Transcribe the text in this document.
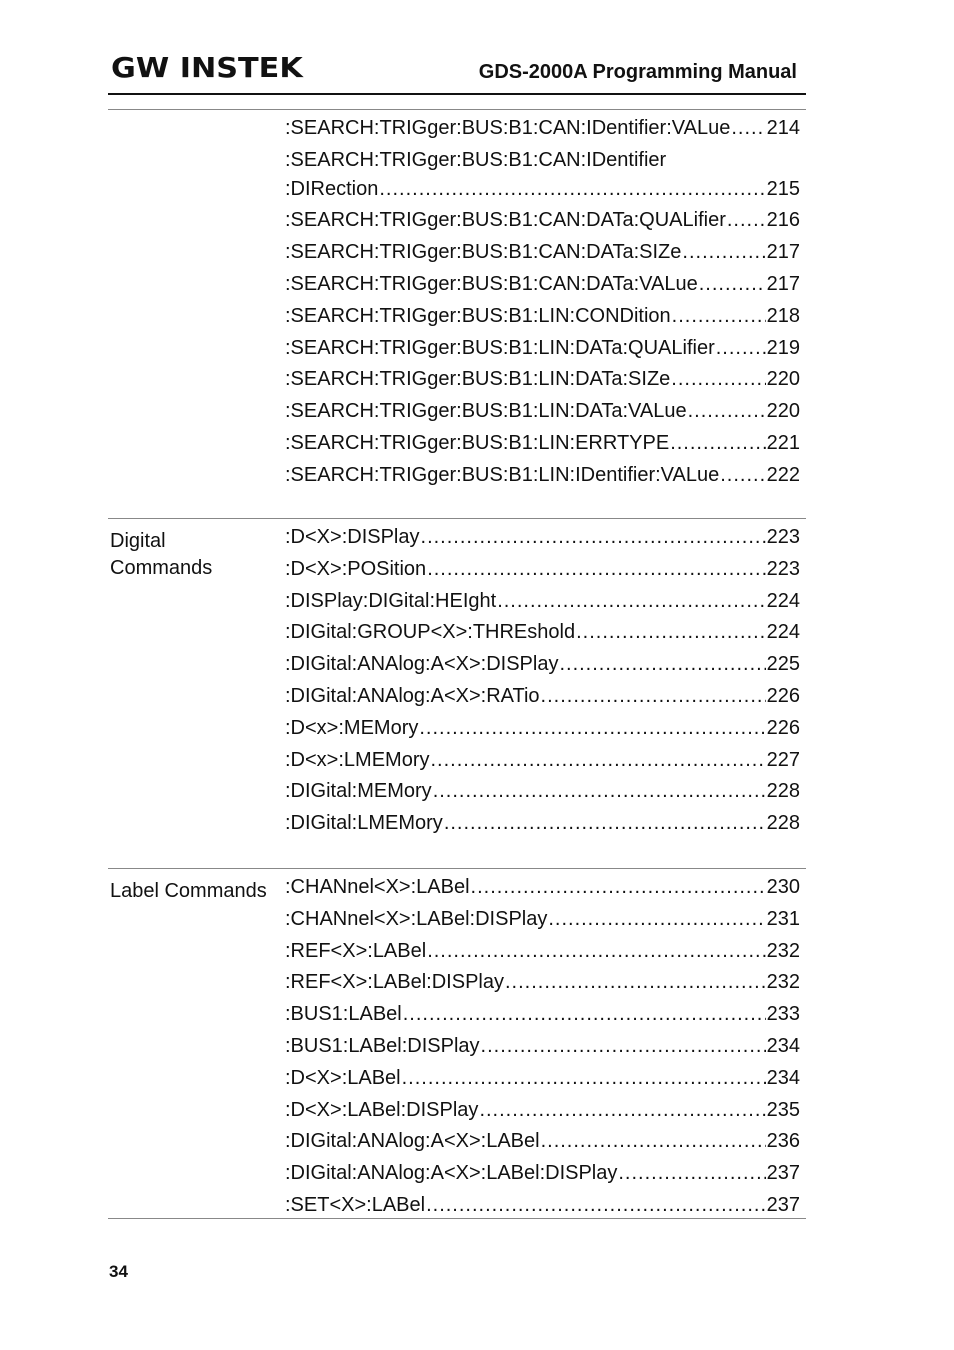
GW INSTEK	GDS-2000A Programming Manual
:SEARCH:TRIGger:BUS:B1:CAN:IDentifier:VALue ..... 214
:SEARCH:TRIGger:BUS:B1:CAN:IDentifier
:DIRection .....	215
:SEARCH:TRIGger:BUS:B1:CAN:DATa:QUALifier ..... 216
:SEARCH:TRIGger:BUS:B1:CAN:DATa:SIZe .....	217
:SEARCH:TRIGger:BUS:B1:CAN:DATa:VALue .....	217
:SEARCH:TRIGger:BUS:B1:LIN:CONDition .....	218
:SEARCH:TRIGger:BUS:B1:LIN:DATa:QUALifier .....	219
:SEARCH:TRIGger:BUS:B1:LIN:DATa:SIZe .....	220
:SEARCH:TRIGger:BUS:B1:LIN:DATa:VALue .....	220
:SEARCH:TRIGger:BUS:B1:LIN:ERRTYPE .....	221
:SEARCH:TRIGger:BUS:B1:LIN:IDentifier:VALue ..... 222
Digital
Commands
:D<X>:DISPlay .....	223
:D<X>:POSition .....	223
:DISPlay:DIGital:HEIght .....	224
:DIGital:GROUP<X>:THREshold .....	224
:DIGital:ANAlog:A<X>:DISPlay .....	225
:DIGital:ANAlog:A<X>:RATio .....	226
:D<x>:MEMory .....	226
:D<x>:LMEMory .....	227
:DIGital:MEMory .....	228
:DIGital:LMEMory .....	228
Label Commands :CHANnel<X>:LABel .....	230
:CHANnel<X>:LABel:DISPlay .....	231
:REF<X>:LABel .....	232
:REF<X>:LABel:DISPlay .....	232
:BUS1:LABel .....	233
:BUS1:LABel:DISPlay .....	234
:D<X>:LABel .....	234
:D<X>:LABel:DISPlay .....	235
:DIGital:ANAlog:A<X>:LABel .....	236
:DIGital:ANAlog:A<X>:LABel:DISPlay .....	237
:SET<X>:LABel .....	237
34
